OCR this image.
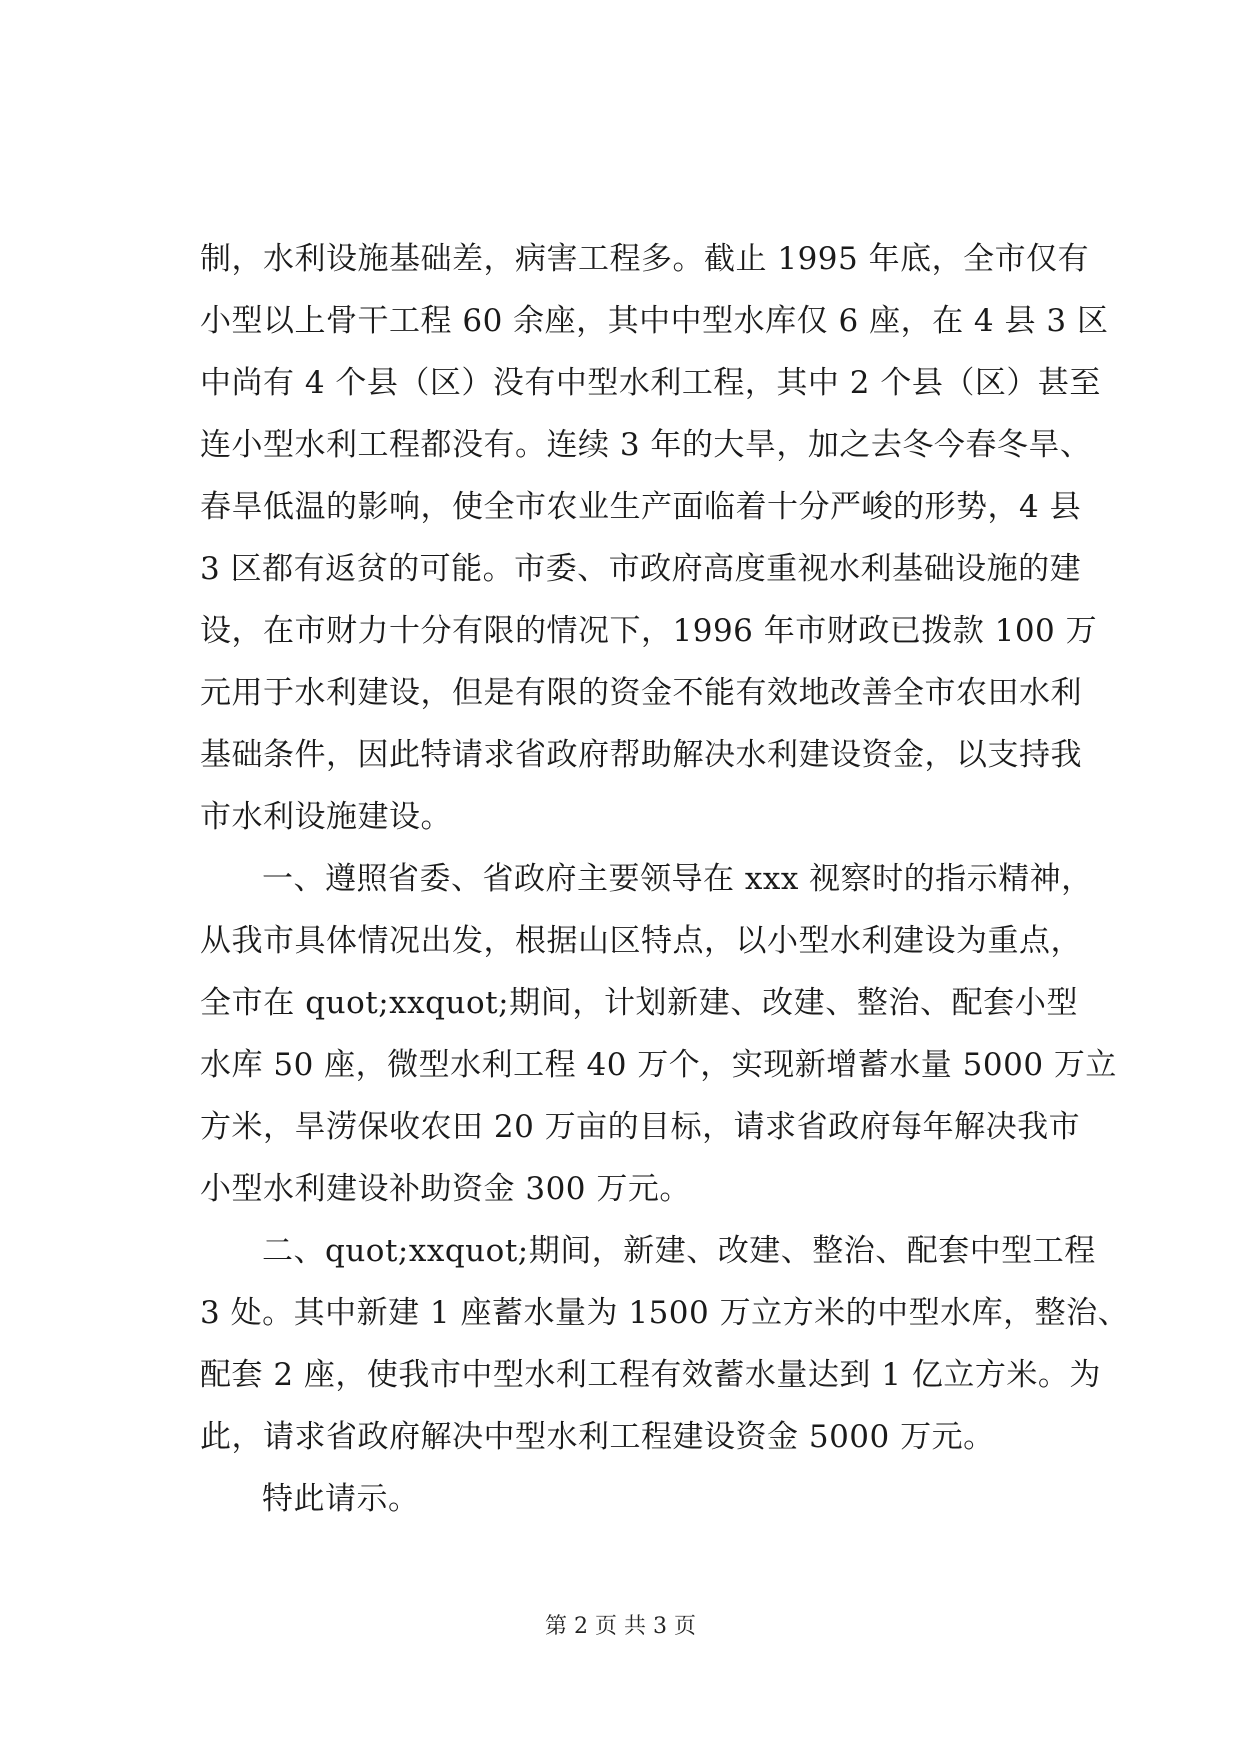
制，水利设施基础差，病害工程多。截止 1995 年底，全市仅有
小型以上骨干工程 60 余座，其中中型水库仅 6 座，在 4 县 3 区
中尚有 4 个县（区）没有中型水利工程，其中 2 个县（区）甚至
连小型水利工程都没有。连续 3 年的大旱，加之去冬今春冬旱、
春旱低温的影响，使全市农业生产面临着十分严峻的形势，4 县
3 区都有返贫的可能。市委、市政府高度重视水利基础设施的建
设，在市财力十分有限的情况下，1996 年市财政已拨款 100 万
元用于水利建设，但是有限的资金不能有效地改善全市农田水利
基础条件，因此特请求省政府帮助解决水利建设资金，以支持我
市水利设施建设。
一、遵照省委、省政府主要领导在 xxx 视察时的指示精神，
从我市具体情况出发，根据山区特点，以小型水利建设为重点，
全市在 quot;xxquot;期间，计划新建、改建、整治、配套小型
水库 50 座，微型水利工程 40 万个，实现新增蓄水量 5000 万立
方米，旱涝保收农田 20 万亩的目标，请求省政府每年解决我市
小型水利建设补助资金 300 万元。
二、quot;xxquot;期间，新建、改建、整治、配套中型工程
3 处。其中新建 1 座蓄水量为 1500 万立方米的中型水库，整治、
配套 2 座，使我市中型水利工程有效蓄水量达到 1 亿立方米。为
此，请求省政府解决中型水利工程建设资金 5000 万元。
特此请示。
第 2 页 共 3 页
